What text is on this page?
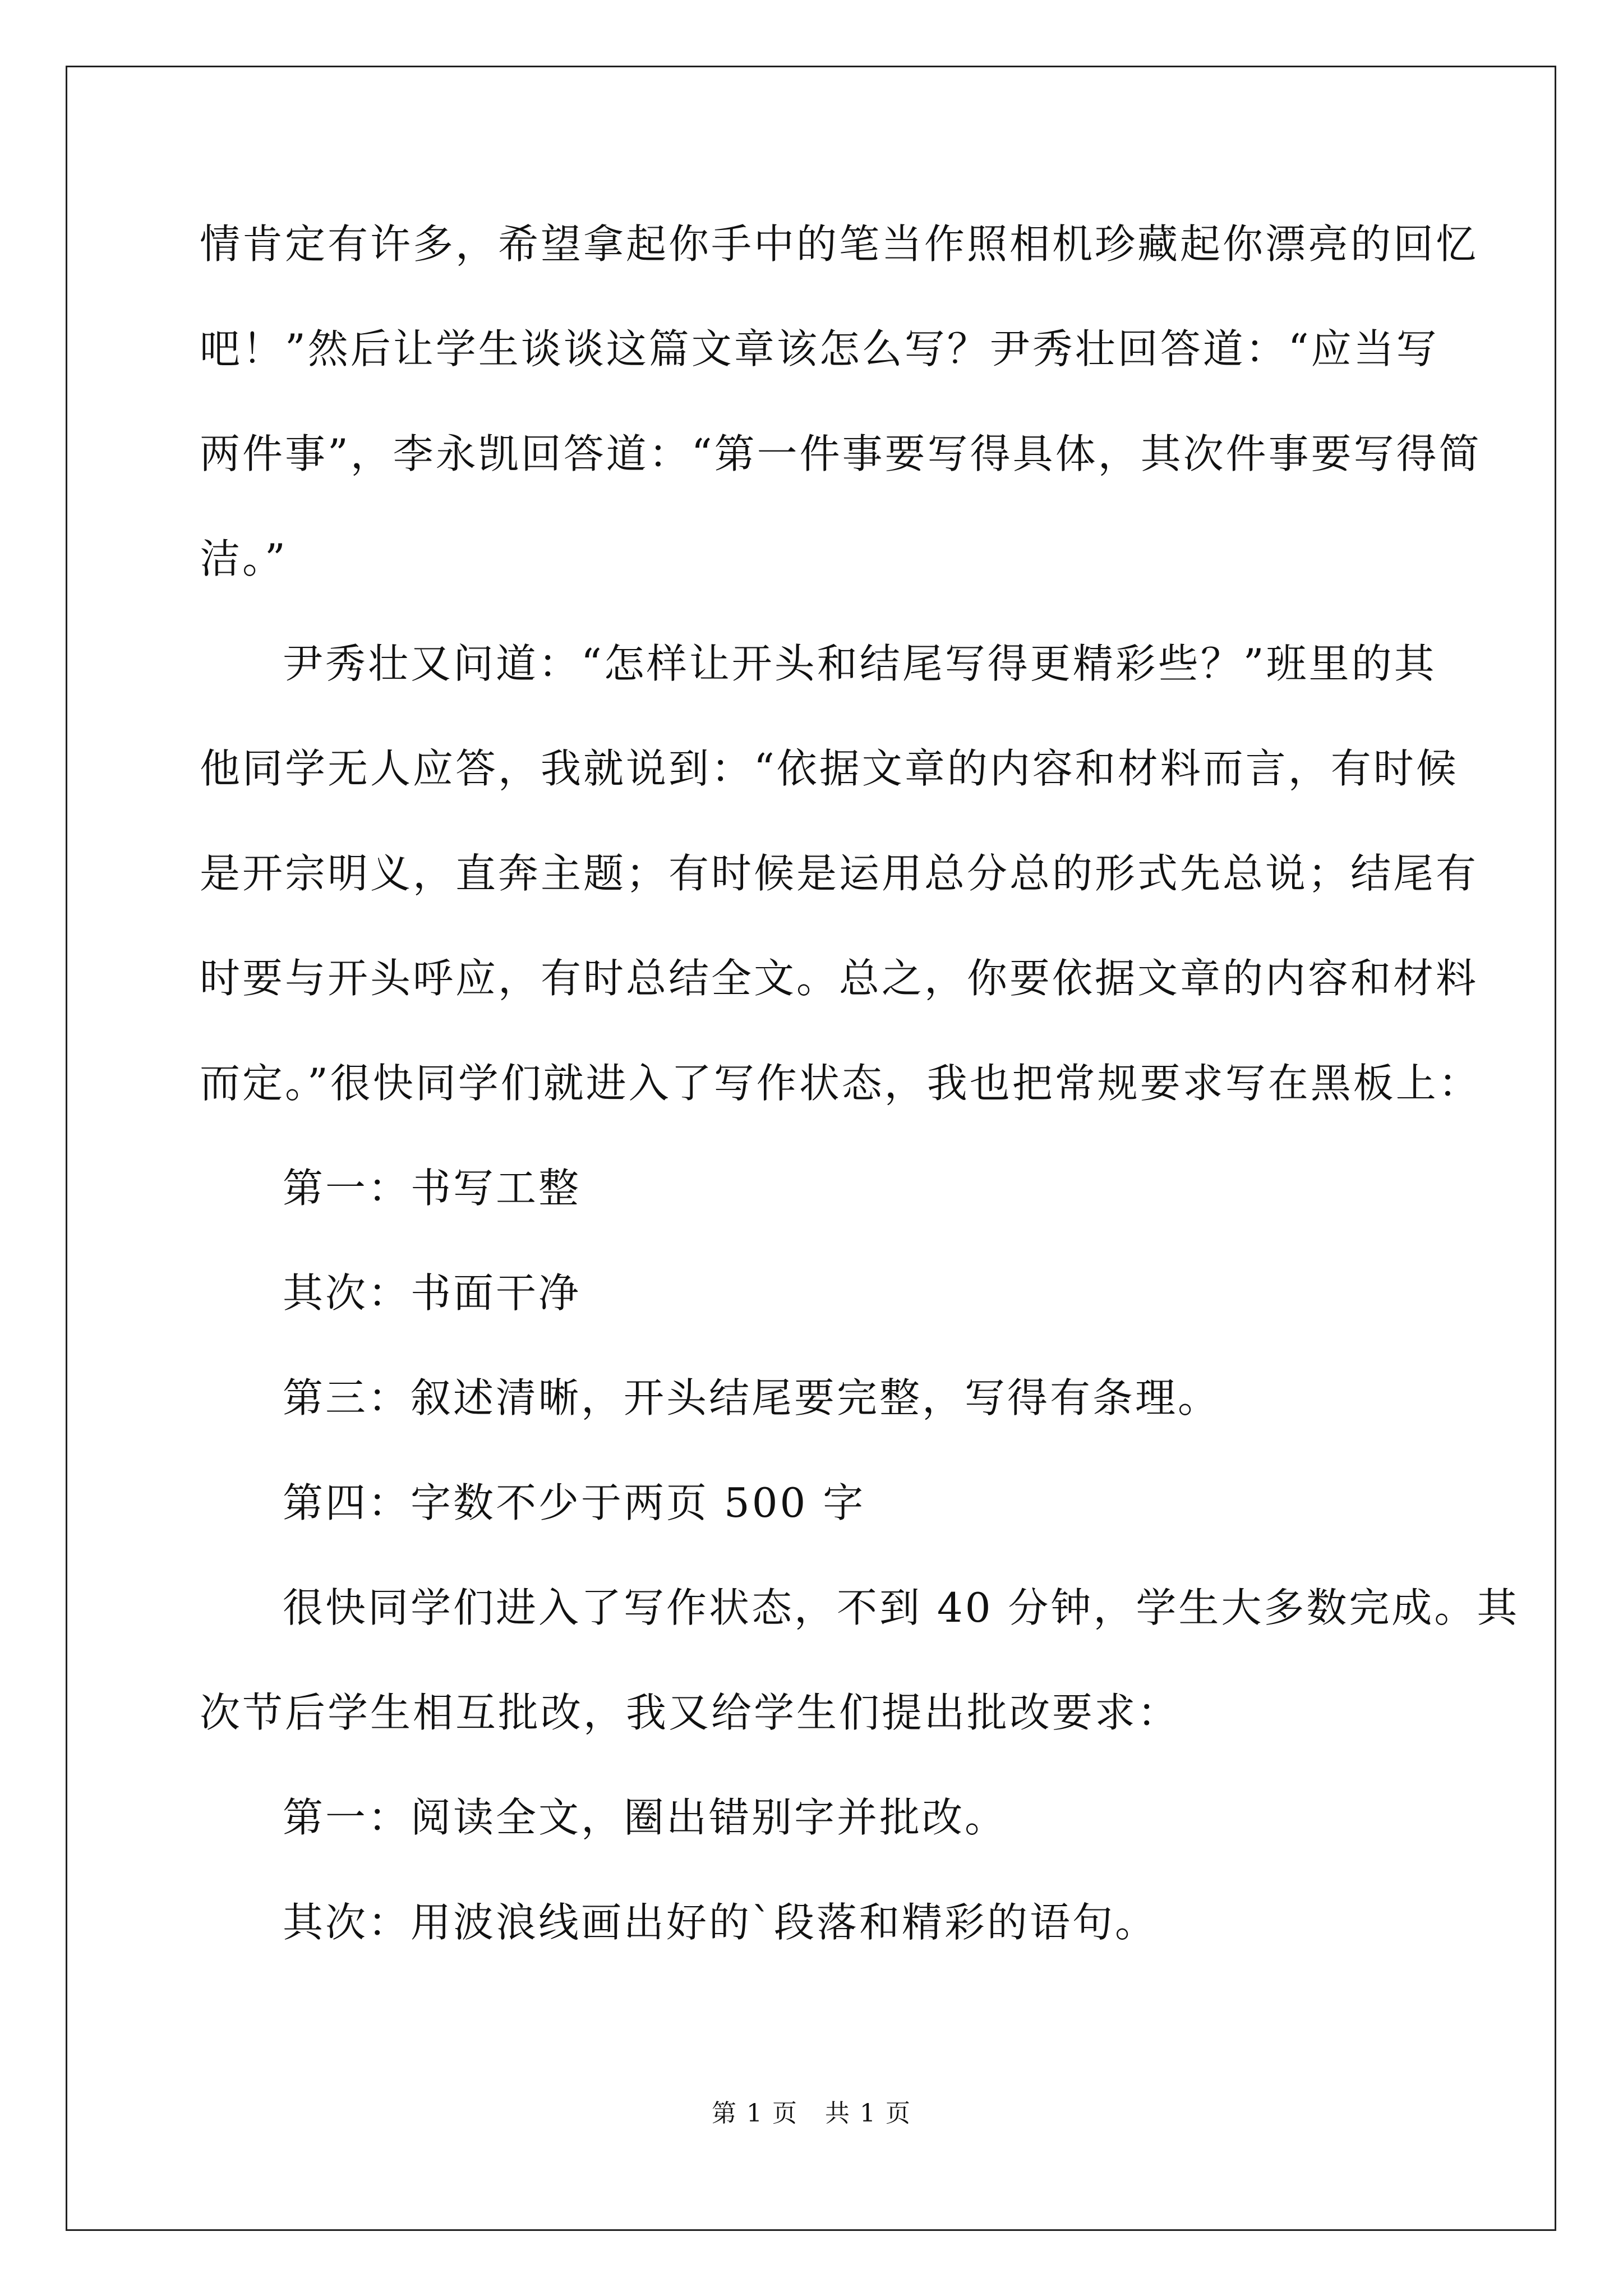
情肯定有许多，希望拿起你手中的笔当作照相机珍藏起你漂亮的回忆
吧！”然后让学生谈谈这篇文章该怎么写？尹秀壮回答道：“应当写
两件事”，李永凯回答道：“第一件事要写得具体，其次件事要写得简
洁。”
尹秀壮又问道：“怎样让开头和结尾写得更精彩些？”班里的其
他同学无人应答，我就说到：“依据文章的内容和材料而言，有时候
是开宗明义，直奔主题；有时候是运用总分总的形式先总说；结尾有
时要与开头呼应，有时总结全文。总之，你要依据文章的内容和材料
而定。”很快同学们就进入了写作状态，我也把常规要求写在黑板上：
第一：书写工整
其次：书面干净
第三：叙述清晰，开头结尾要完整，写得有条理。
第四：字数不少于两页 500 字
很快同学们进入了写作状态，不到 40 分钟，学生大多数完成。其
次节后学生相互批改，我又给学生们提出批改要求：
第一：阅读全文，圈出错别字并批改。
其次：用波浪线画出好的`段落和精彩的语句。
第 1 页 共 1 页
